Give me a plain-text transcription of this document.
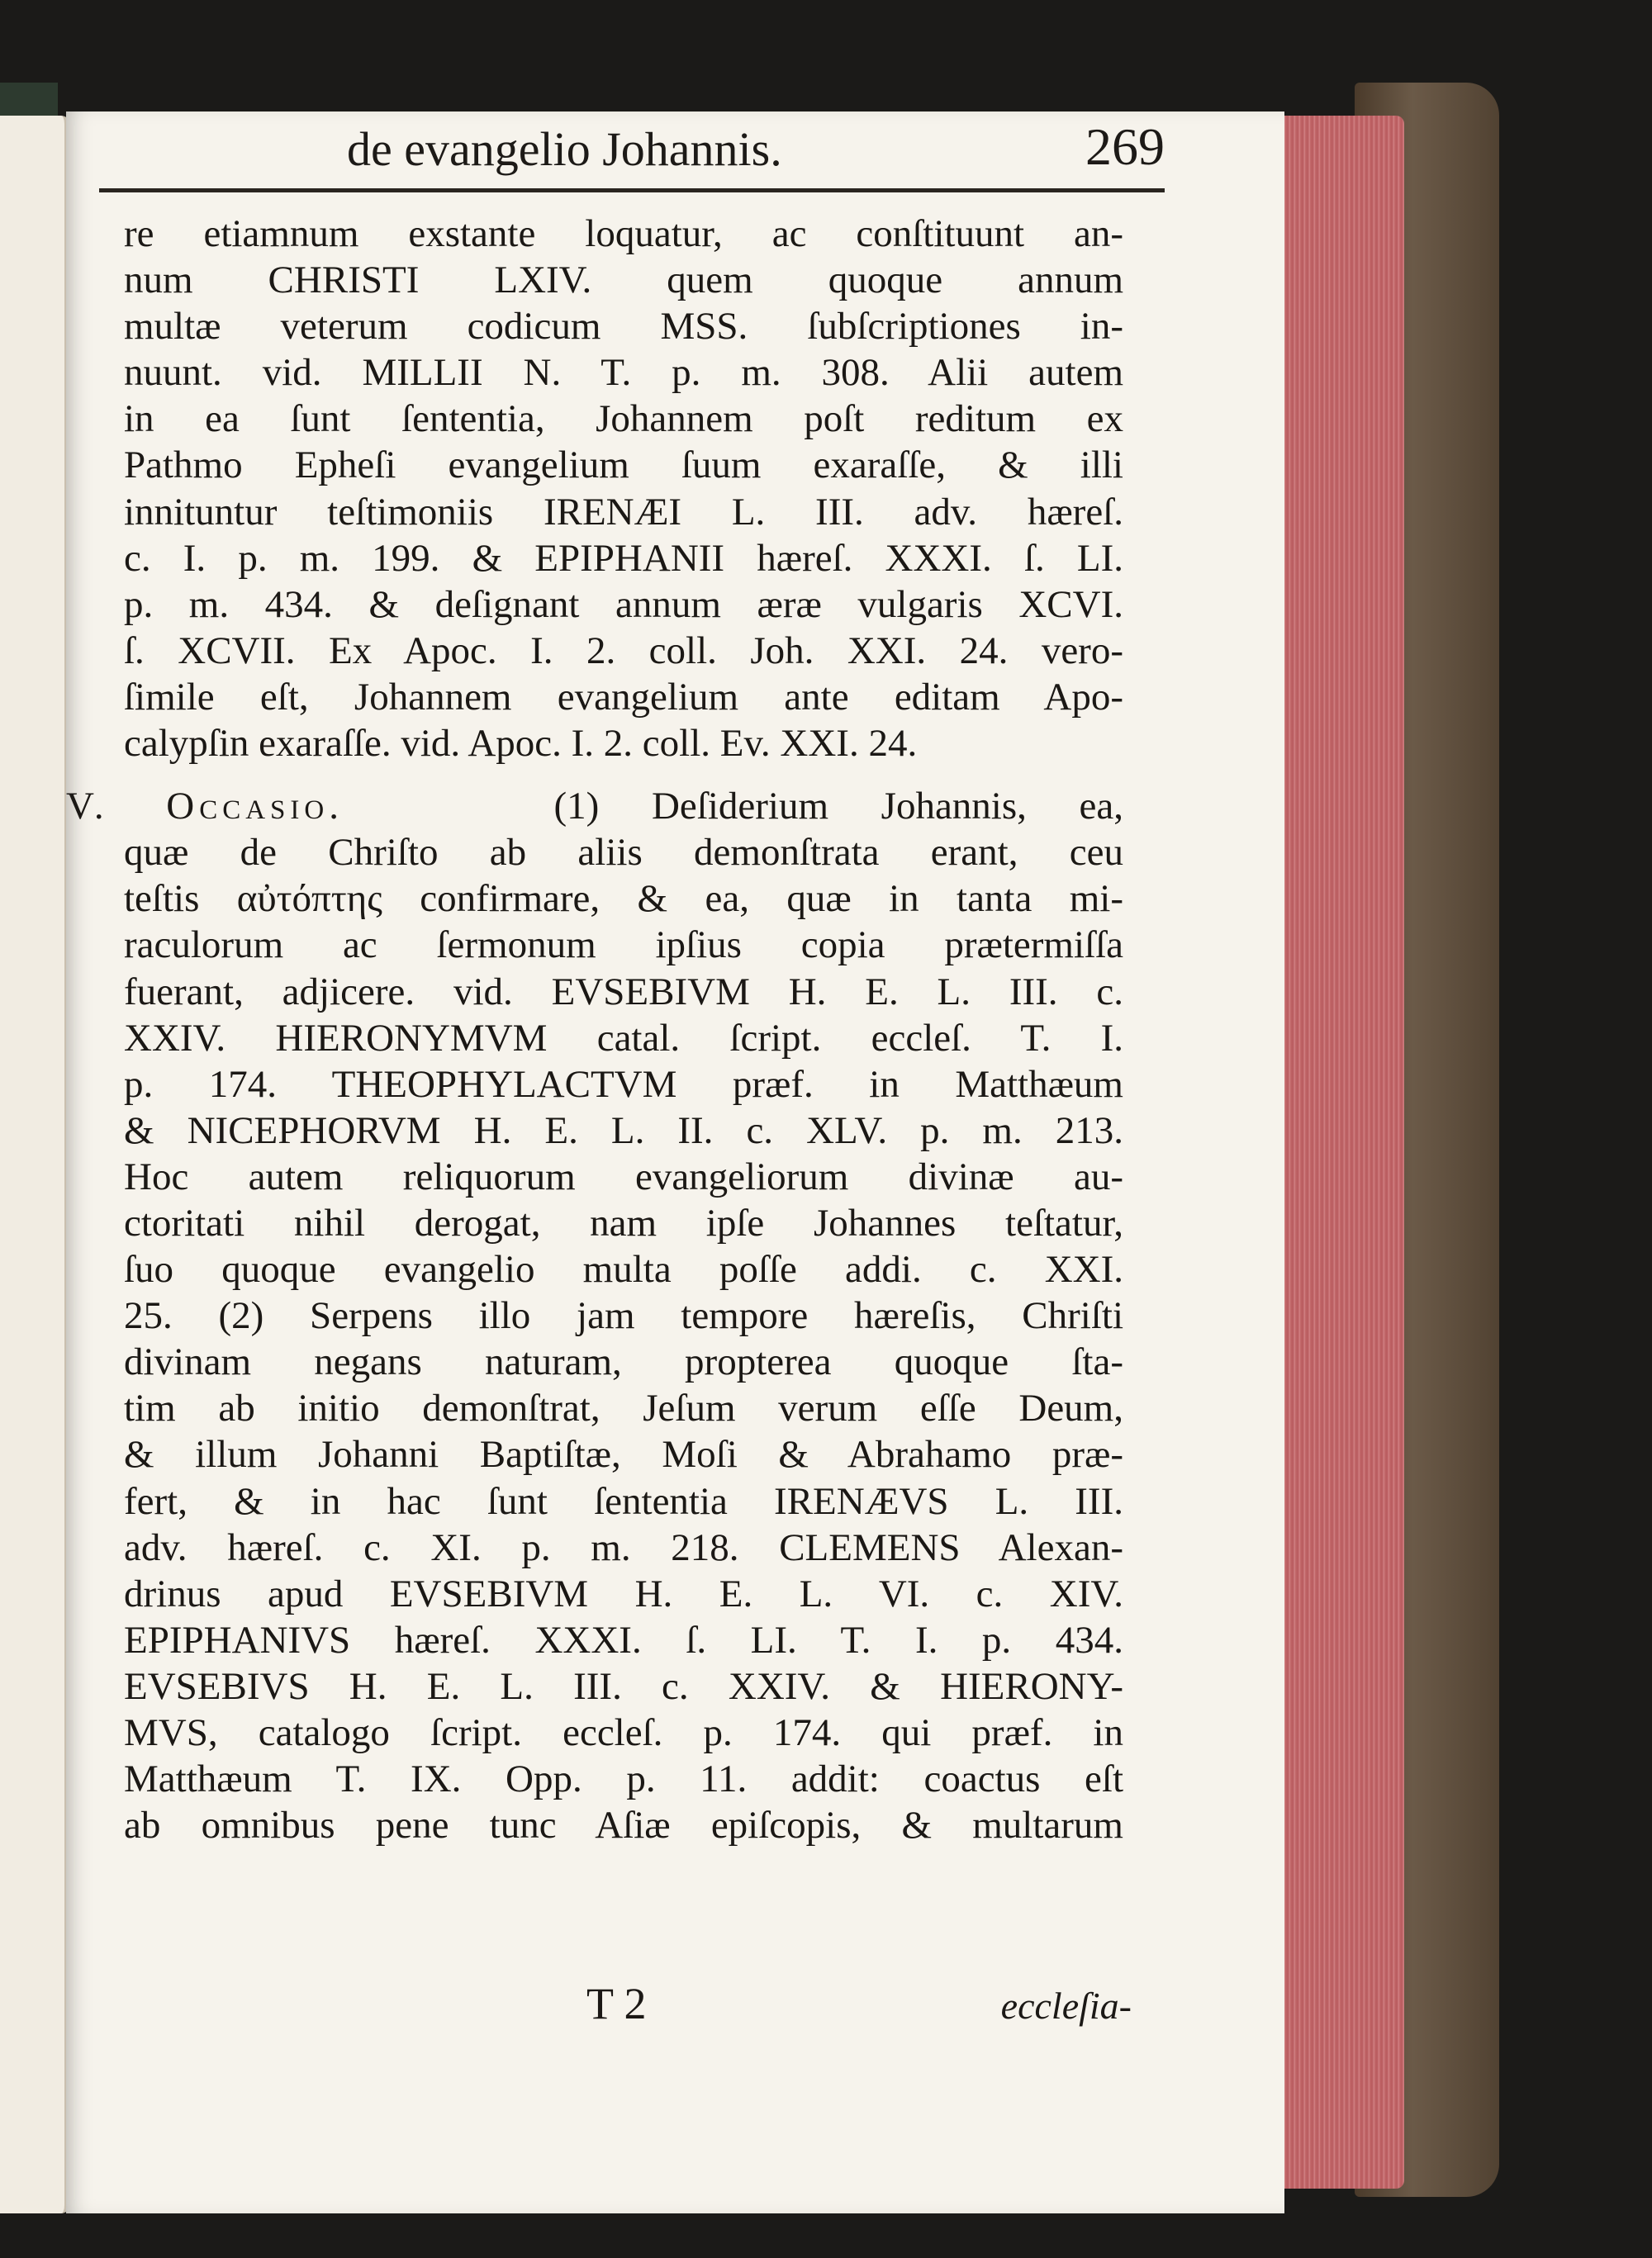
de evangelio Johannis.	269
re etiamnum exstante loquatur, ac conſtituunt an-
num CHRISTI LXIV. quem quoque annum
multæ veterum codicum MSS. ſubſcriptiones in-
nuunt. vid. MILLII N. T. p. m. 308. Alii autem
in ea ſunt ſententia, Johannem poſt reditum ex
Pathmo Epheſi evangelium ſuum exaraſſe, & illi
innituntur teſtimoniis IRENÆI L. III. adv. hæreſ.
c. I. p. m. 199. & EPIPHANII hæreſ. XXXI. ſ. LI.
p. m. 434. & deſignant annum æræ vulgaris XCVI.
ſ. XCVII. Ex Apoc. I. 2. coll. Joh. XXI. 24. vero-
ſimile eſt, Johannem evangelium ante editam Apo-
calypſin exaraſſe. vid. Apoc. I. 2. coll. Ev. XXI. 24.
V. Occasio.	(1) Deſiderium Johannis, ea,
quæ de Chriſto ab aliis demonſtrata erant, ceu
teſtis αὐτόπτης confirmare, & ea, quæ in tanta mi-
raculorum ac ſermonum ipſius copia prætermiſſa
fuerant, adjicere. vid. EVSEBIVM H. E. L. III. c.
XXIV. HIERONYMVM catal. ſcript. eccleſ. T. I.
p. 174. THEOPHYLACTVM præf. in Matthæum
& NICEPHORVM H. E. L. II. c. XLV. p. m. 213.
Hoc autem reliquorum evangeliorum divinæ au-
ctoritati nihil derogat, nam ipſe Johannes teſtatur,
ſuo quoque evangelio multa poſſe addi. c. XXI.
25. (2) Serpens illo jam tempore hæreſis, Chriſti
divinam negans naturam, propterea quoque ſta-
tim ab initio demonſtrat, Jeſum verum eſſe Deum,
& illum Johanni Baptiſtæ, Moſi & Abrahamo præ-
fert, & in hac ſunt ſententia IRENÆVS L. III.
adv. hæreſ. c. XI. p. m. 218. CLEMENS Alexan-
drinus apud EVSEBIVM H. E. L. VI. c. XIV.
EPIPHANIVS hæreſ. XXXI. ſ. LI. T. I. p. 434.
EVSEBIVS H. E. L. III. c. XXIV. & HIERONY-
MVS, catalogo ſcript. eccleſ. p. 174. qui præf. in
Matthæum T. IX. Opp. p. 11. addit: coactus eſt
ab omnibus pene tunc Aſiæ epiſcopis, & multarum
T 2	eccleſia-
